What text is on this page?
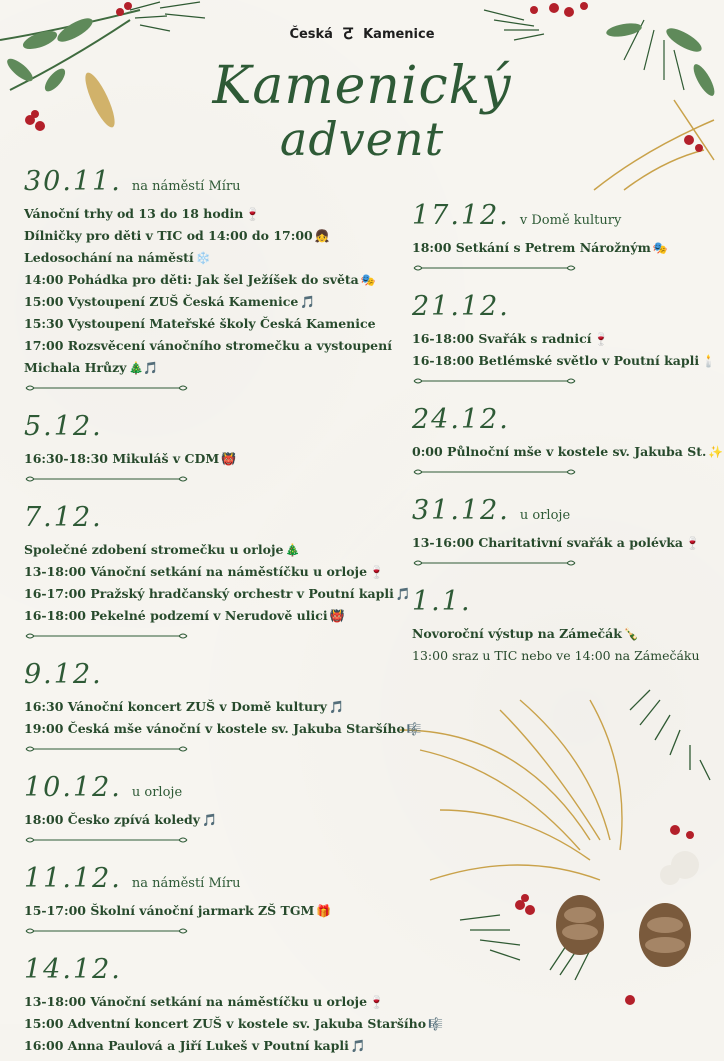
Česká ट Kamenice
Kamenický
advent
30.11. na náměstí Míru
Vánoční trhy od 13 do 18 hodin 🍷
Dílničky pro děti v TIC od 14:00 do 17:00 👧
Ledosochání na náměstí ❄️
14:00 Pohádka pro děti: Jak šel Ježíšek do světa 🎭
15:00 Vystoupení ZUŠ Česká Kamenice 🎵
15:30 Vystoupení Mateřské školy Česká Kamenice
17:00 Rozsvěcení vánočního stromečku a vystoupení
Michala Hrůzy 🎄🎵
5.12.
16:30-18:30 Mikuláš v CDM 👹
7.12.
Společné zdobení stromečku u orloje 🎄
13-18:00 Vánoční setkání na náměstíčku u orloje 🍷
16-17:00 Pražský hradčanský orchestr v Poutní kapli 🎵
16-18:00 Pekelné podzemí v Nerudově ulici 👹
9.12.
16:30 Vánoční koncert ZUŠ v Domě kultury 🎵
19:00 Česká mše vánoční v kostele sv. Jakuba Staršího 🎼
10.12. u orloje
18:00 Česko zpívá koledy 🎵
11.12. na náměstí Míru
15-17:00 Školní vánoční jarmark ZŠ TGM 🎁
14.12.
13-18:00 Vánoční setkání na náměstíčku u orloje 🍷
15:00 Adventní koncert ZUŠ v kostele sv. Jakuba Staršího 🎼
16:00 Anna Paulová a Jiří Lukeš v Poutní kapli 🎵
17.12. v Domě kultury
18:00 Setkání s Petrem Nárožným 🎭
21.12.
16-18:00 Svařák s radnicí 🍷
16-18:00 Betlémské světlo v Poutní kapli 🕯️
24.12.
0:00 Půlnoční mše v kostele sv. Jakuba St. ✨
31.12. u orloje
13-16:00 Charitativní svařák a polévka 🍷
1.1.
Novoroční výstup na Zámečák 🍾
13:00 sraz u TIC nebo ve 14:00 na Zámečáku
